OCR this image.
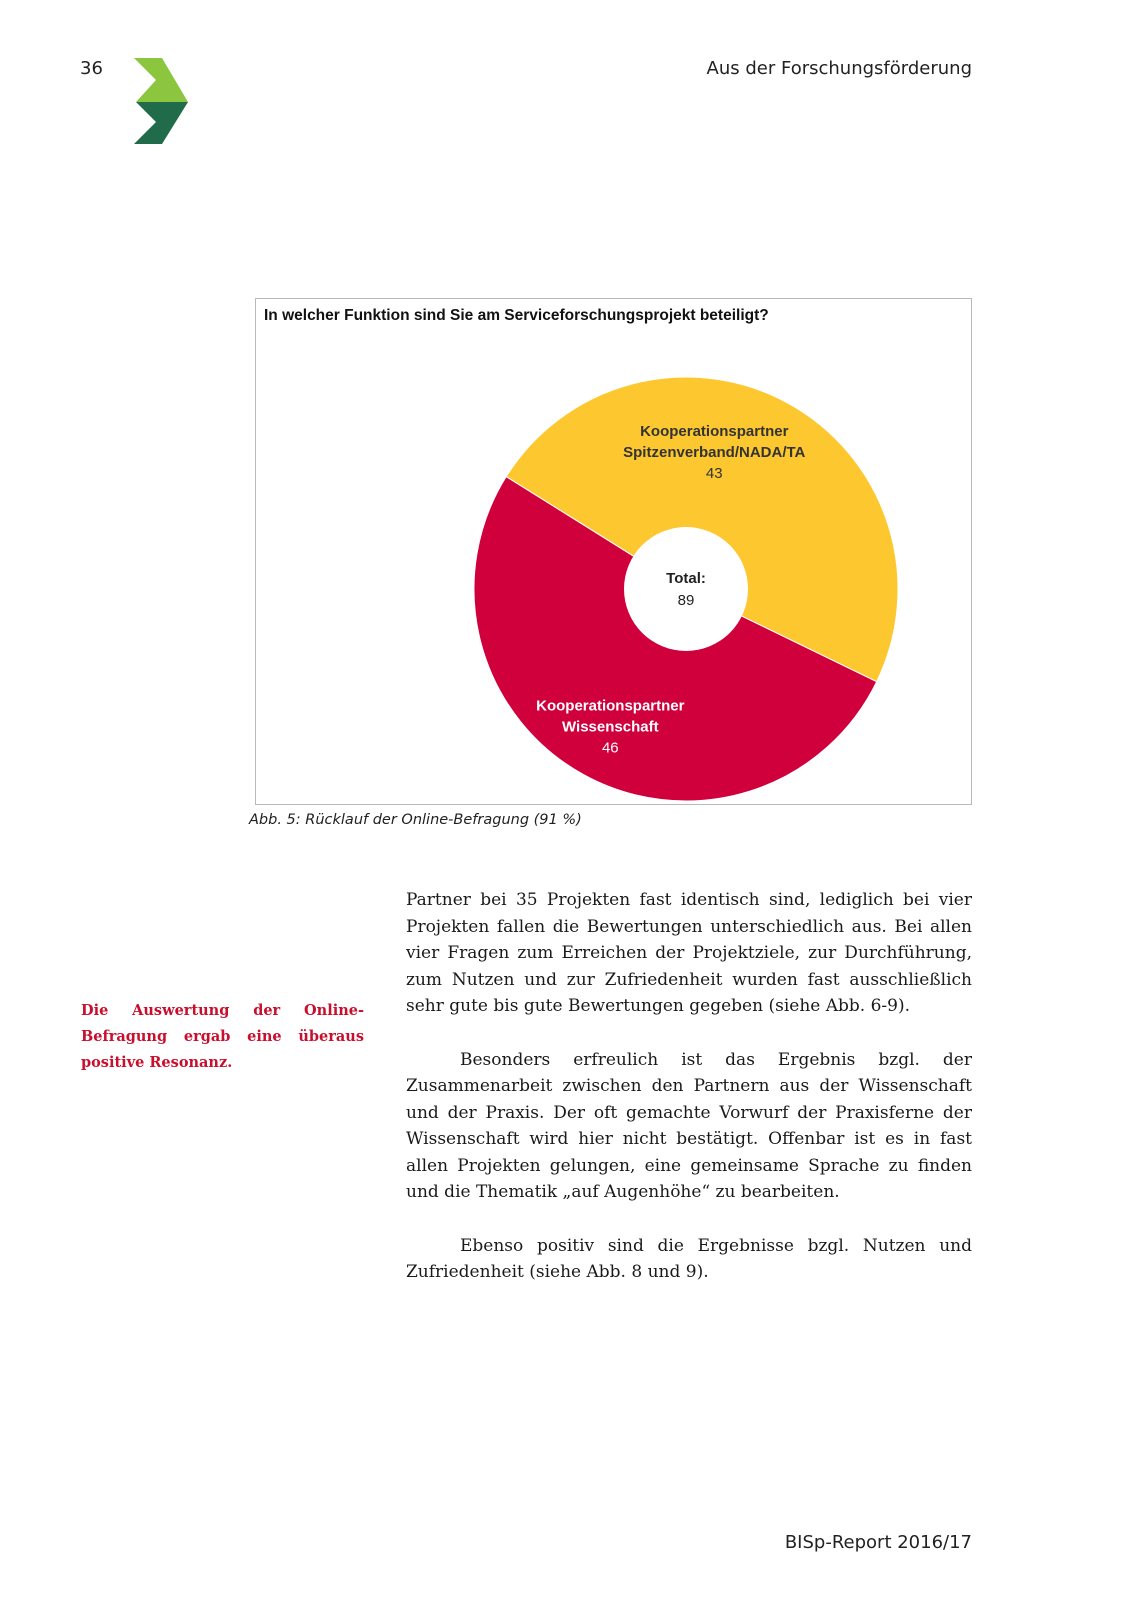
36	Aus der Forschungsförderung
Total:
89
Kooperationspartner
Spitzenverband/NADA/TA
43
Kooperationspartner
Wissenschaft
46
In welcher Funktion sind Sie am Serviceforschungsprojekt beteiligt?
Abb. 5: Rücklauf der Online-Befragung (91 %)
Die Auswertung der Online-Befragung ergab eine überaus positive Resonanz.

Partner bei 35 Projekten fast identisch sind, lediglich bei vier Projekten fallen die Bewertungen unterschiedlich aus. Bei allen vier Fragen zum Erreichen der Projektziele, zur Durchführung, zum Nutzen und zur Zufriedenheit wurden fast ausschließlich sehr gute bis gute Bewertungen gegeben (siehe Abb. 6-9).

Besonders erfreulich ist das Ergebnis bzgl. der Zusammenarbeit zwischen den Partnern aus der Wissenschaft und der Praxis. Der oft gemachte Vorwurf der Praxisferne der Wissenschaft wird hier nicht bestätigt. Offenbar ist es in fast allen Projekten gelungen, eine gemeinsame Sprache zu finden und die Thematik „auf Augenhöhe“ zu bearbeiten.

Ebenso positiv sind die Ergebnisse bzgl. Nutzen und Zufriedenheit (siehe Abb. 8 und 9).

BISp-Report 2016/17
